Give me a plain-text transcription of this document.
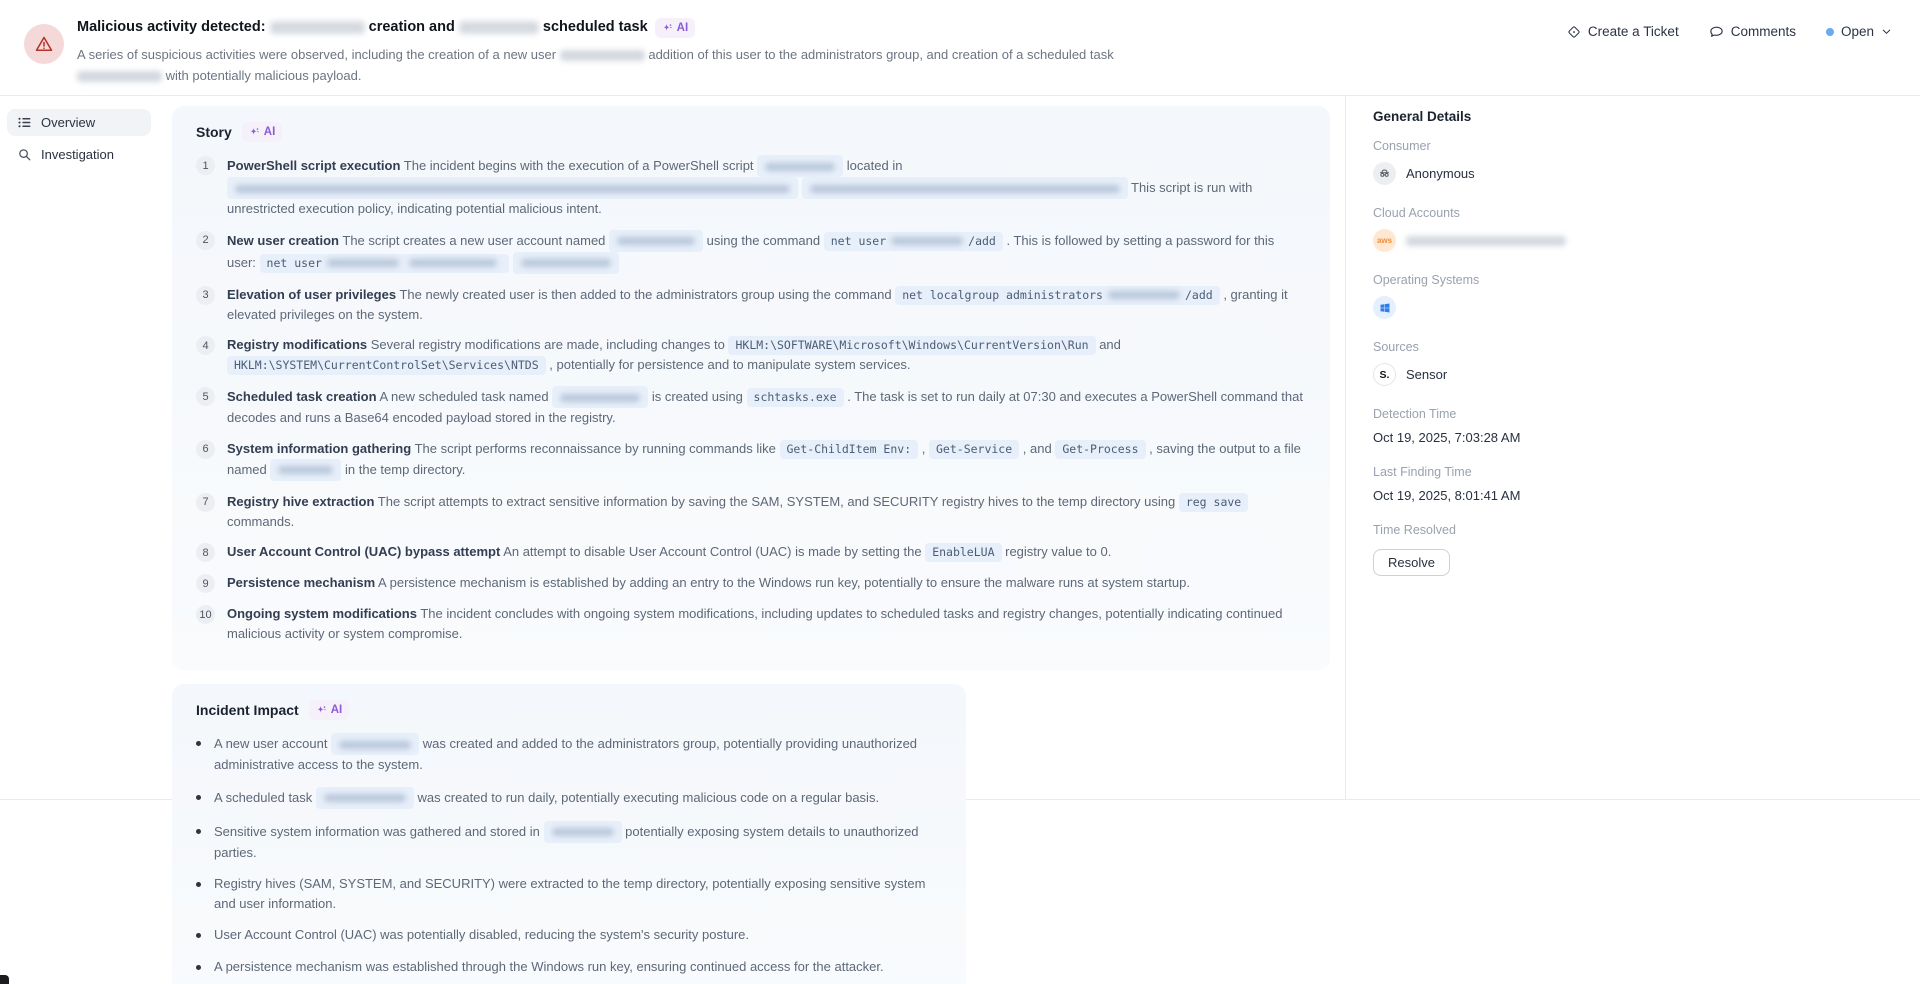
Malicious activity detected:	creation and	scheduled task	AI
A series of suspicious activities were observed, including the creation of a new user	addition of this user to the administrators group, and creation of a scheduled task  with potentially malicious payload.
Create a Ticket	Comments	Open
Overview
Investigation
Story	AI
1	PowerShell script execution The incident begins with the execution of a PowerShell script	located in   This script is run with unrestricted execution policy, indicating potential malicious intent.
2	New user creation The script creates a new user account named	using the command net user	/add . This is followed by setting a password for this user: net user
3	Elevation of user privileges The newly created user is then added to the administrators group using the command net localgroup administrators	/add , granting it elevated privileges on the system.
4	Registry modifications Several registry modifications are made, including changes to HKLM:\SOFTWARE\Microsoft\Windows\CurrentVersion\Run and HKLM:\SYSTEM\CurrentControlSet\Services\NTDS , potentially for persistence and to manipulate system services.
5	Scheduled task creation A new scheduled task named	is created using schtasks.exe . The task is set to run daily at 07:30 and executes a PowerShell command that decodes and runs a Base64 encoded payload stored in the registry.
6	System information gathering The script performs reconnaissance by running commands like Get-ChildItem Env: , Get-Service , and Get-Process , saving the output to a file named	in the temp directory.
7	Registry hive extraction The script attempts to extract sensitive information by saving the SAM, SYSTEM, and SECURITY registry hives to the temp directory using reg save commands.
8	User Account Control (UAC) bypass attempt An attempt to disable User Account Control (UAC) is made by setting the EnableLUA registry value to 0.
9	Persistence mechanism A persistence mechanism is established by adding an entry to the Windows run key, potentially to ensure the malware runs at system startup.
10 Ongoing system modifications The incident concludes with ongoing system modifications, including updates to scheduled tasks and registry changes, potentially indicating continued malicious activity or system compromise.
Incident Impact	AI
A new user account	was created and added to the administrators group, potentially providing unauthorized administrative access to the system.
A scheduled task	was created to run daily, potentially executing malicious code on a regular basis.
Sensitive system information was gathered and stored in	potentially exposing system details to unauthorized parties.
Registry hives (SAM, SYSTEM, and SECURITY) were extracted to the temp directory, potentially exposing sensitive system and user information.
User Account Control (UAC) was potentially disabled, reducing the system's security posture.
A persistence mechanism was established through the Windows run key, ensuring continued access for the attacker.
General Details
Consumer
Anonymous
Cloud Accounts
aws
Operating Systems
Sources
S.	Sensor
Detection Time
Oct 19, 2025, 7:03:28 AM
Last Finding Time
Oct 19, 2025, 8:01:41 AM
Time Resolved
Resolve
